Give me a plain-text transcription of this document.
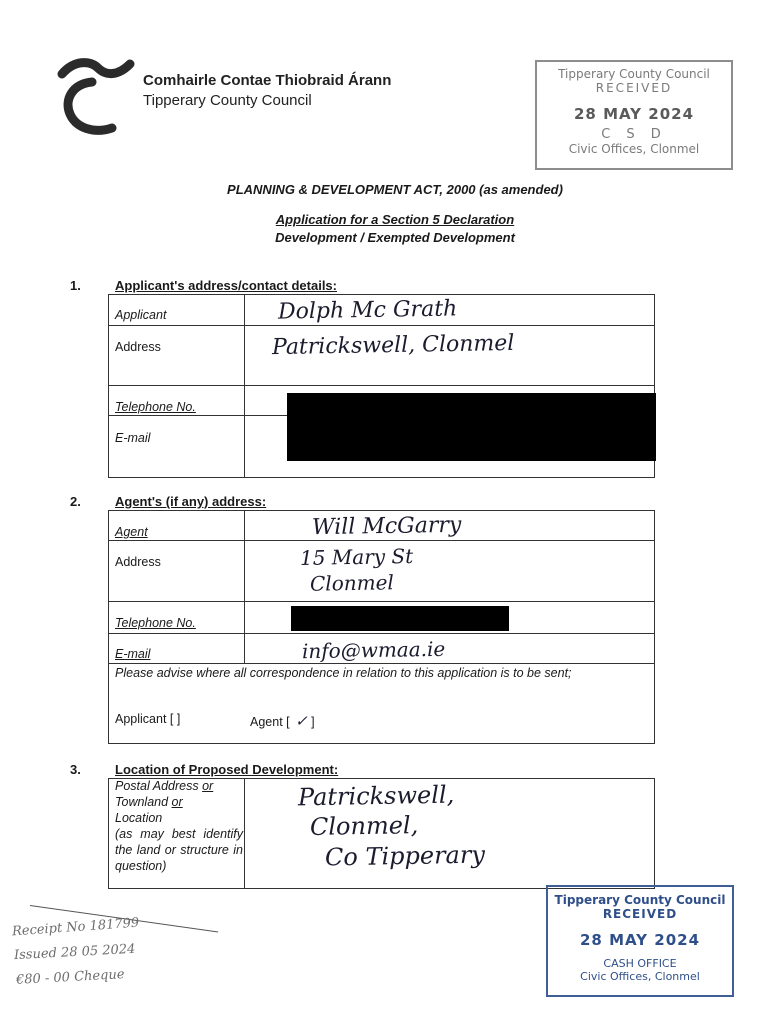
Comhairle Contae Thiobraid Árann
Tipperary County Council
Tipperary County Council
RECEIVED
28 MAY 2024
C S D
Civic Offices, Clonmel
PLANNING & DEVELOPMENT ACT, 2000 (as amended)
Application for a Section 5 Declaration
Development / Exempted Development
1.	Applicant's address/contact details:
Applicant	Dolph Mc Grath
Address	Patrickswell, Clonmel
Telephone No.
E-mail
2.	Agent's (if any) address:
Agent	Will McGarry
Address	15 Mary St
Clonmel
Telephone No.
E-mail	info@wmaa.ie
Please advise where all correspondence in relation to this application is to be sent;
Applicant [ ]	Agent [ ✓ ]
3.	Location of Proposed Development:
Postal Address or
Townland or
Location

(as may best identify the land or structure in question)
Patrickswell,
Clonmel,
Co Tipperary
Receipt No 181799
Issued 28 05 2024
€80 - 00 Cheque
Tipperary County Council
RECEIVED
28 MAY 2024
CASH OFFICE
Civic Offices, Clonmel
